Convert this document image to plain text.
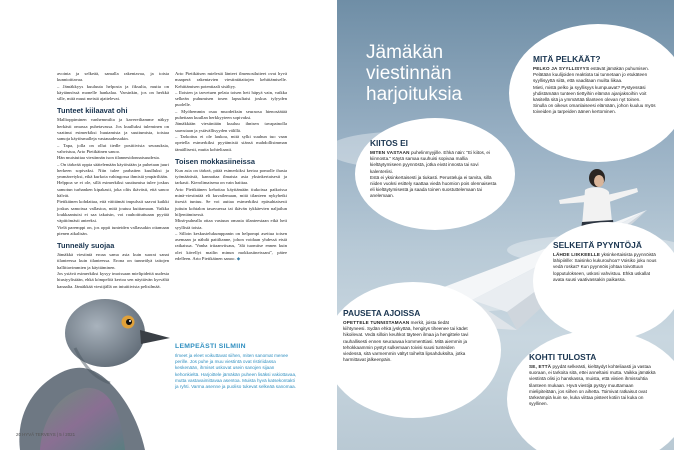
avointa ja selkeää, samalla rakentavaa, ja toista kunnioittavaa.

– Jämäkkyys kuuluuta helposta ja fiksulta, mutta on käytännössä monelle hankalaa. Varsinkin, jos on herkkä sille, mitä muut meistä ajattelevat.

Tunteet kiilaavat ohi

Mallioppiminen vanhemmilta ja kavereiltamme näkyy herkästi omassa puhetavassa. Jos kuulluksi tuleminen on vaatinut esimerkiksi huutamista ja suuttumista, toistaa samoja käytösmalleja vastauudessakin.

– Tapa, jolla on ollut tiedle positiivisia seurauksia, vahvistuu, Arto Pietikäinen sanoo.

Hän muistuttaa viestinnän ison tilannesidonnaisuudesta.

– On tärkeää oppia säätelemään käytöstään ja puhetaan juuri herkeen sopivaksi. Niin tulee parhaiten kuulluksi ja ymmärretyksi, eikä kurkota vahingossa ihmisiä ympäriltään.

Helppoa se ei ole, sillä esimerkiksi suuttumisa tulee joskus samotun turhanken kipakasti, joka oliis ikävästi, että sanoo hälvät.

Pietikäinen kohdattaa, että väittämät impulssit saavat kaikki joskus samoissa vallastoa, mitä joutuu kuittamaan. Vaikka loukkaantuisi ei saa takaisin, voi rauhoittuttuaan pyytää väpittömästi anteeksi.

Vielä paremppi on, jos oppii tunteiden vallassakin ottamaan pienen aikalisän.

Tunneäly suojaa

Jämäkkä viestintä eroaa sama asia kuin suorat sanat tilanteessa kuin tilanteessa. Erona on tunneälyä taitojen hallittavimmien ja käyttäminen.

Jos ystävä esimerkiksi kysyy imoissaan mielipidettä uudesta hiustyylistään, ehkä kömpelöä kertoa sen näyttävän kyrvältä kanaalta. Jämäkkää viestijällä on intuitiivista pelisilmää.

Arto Pietikäisen mielestä länteet ilmenostlutteet ovat hyvä maaperä rakentavien viestintätaitojen kehittämiselle. Kehittämisen potentiaali sisältyy.

– Iloisten ja tarvetuen pelata toisen heti häpyä vain, vaikka selkeän puhumisen tosen lapsultaisi joskus tylyyden puolelle.

– Myöhemmin osaa muodeiksin seuraosa hienosäätää puhettaan kuullan herkkyyteen sopivaksi.

Jämäkkään viestintään kuuluu ihnisen tavapainolla saavutaan ja ystävällisyyden välillä.

– Tarkoitus ei ole laukoa, mitä sylki suuhun tuo vaan opetella esimerkiksi pyytämistä siänsä mahdollisimman tämällisesti, mutta kohteliaasti.

Toisen mokkasiineissa

Kun asia on tärkeä, pitää esimerkiksi kertoa pomolle ihasta työmäärästä, kannattaa ilmaista asia yksinkertaisesti ja tarkasti. Kierolimaisena on vain haittaa.

Arto Pietikäinen kehottaa käyttämään tiukoissa paikoissa minä-viestintää eli kuvailemaan, mitä tilanteen nykyhetki itsestä tuntuu. Se voi auttaa esimerkiksi epäsuhtaisesti juttuin kohtalon tasavuessa tai ikävän tykkäevien naljailun hiljentämisessä.

Minä-puhealla ottaa vastuun omasta tilanteestaan eikä heti syyllistä toista.

– Silloin keskustelukumppanin on helpompi asettua toisen asemaan ja nähdä pattiltanne, johon voidaan yhdessä etsiä ratkaisua. 'Vanha irtiaanviisaus, ''älä tuomitse ennen kuin olet kävellyt mailin minun mokkasiineissani'', pätee edelleen. Arto Pietikäinen sanoo. ◆

LEMPEÄSTI SILMIIN

Ilmeet ja eleet voikuttavat siihen, miten sanomat menee perille. Jos puhe ja muu viestintä ovat ristiriidassa keskenään, ihmiset uskovat usein sanojen sijaan kehonkieltä. Harjoittele jämäkän puheen lisäksi vakiottavaa, mutta vastavaimittavaa asentoa. Muista hyvä katsekontakti ja ryhti. Varma asenne ja puoliso tukevat selkeää sanomaa.

20 HYVÄ TERVEYS | 5 / 2021
Jämäkän viestinnän harjoituksia
MITÄ PELKÄÄT?

PELKO JA SYYLLISYYS estävät jämäkän puhumisen. Pelätään kuulijoiden reaktiota tai tunnetaan jo etukäteen syyllisyyttä siitä, että vaaditaan muilta liikaa.

Mieti, mistä pelko ja syyllisyys kumpuavat? Pystyessäsi yhdistämään tunteen tiettyihin elämän ajanjaksoihin voit käsitellä sitä ja ymmärtää tilanteen olevan nyt toinen.

Sinulla on oikeus omanlaiseesi elämään, johon kuuluu myös toiveiden ja tarpeiden äänen kertominen.

KIITOS EI

MITEN VASTAAN puhelinmyyjille. Ehkä näin: "Ei kiitos, ei kiinnosta." Käytä samaa suuhuisi sopivaa mallia kieltäytymiseen pyynnöstä, jotka eivät innosta tai sovi kalenteriisi.

Estä ei yksinkertaisesti ja tiukasti. Perusteluja ei tarvita, sillä niiden vuoksi esittely saattaa viedä huomion pois olennaisesta eli kieltäytymisestä ja saada toinen suostuttelemaan tai anelemaan.

SELKEITÄ PYYNTÖJÄ

LÄHDE LIIKKEELLE yksinkertaisista pyynnöistä lähipiirille: Saisinko kukurouhoa? Voisiko joku nous vedä roskat? Kun pyynnöis johtaa toivottuun lopputulokseen, uskosi vahvistuu. Ehkä uskallat avata suusi vaativassakin paikassa.

PAUSETA AJOISSA

OPETTELE TUNNISTAMAAN merkit, joista tiedät kiihtyneesi. Sydän ehkä jyskyttää, hengitys tiheenee tai kädet hikoilevat. Vedä silloin keuhkot täyteen ilmaa ja hengittele tavi rauhallisesti ennen seuraavaa kommenttiasi. Mitä aiemmin ja tehokkaammin pystyt sulkemaan toivisi suusi tunteiden viedessä, sitä varmemmin vältyt toiheltä lipsahduksilta, jotka harmittavat jälkeenpäin.	KOHTI TULOSTA

SE, ETTÄ pyydät selkeästi, kieltäydyt kohteliaasti ja vastaa suoraan, ei tarkoita sitä, ettei anneltaisi mutta. Vaikka jämäkkä viestintä olisi jo hanskassa, muista, että viisien ihmissuhtia tilanteen mukaan. Hyvä viestijä pystyy muuttamaan mielipiteitään, jos siihen on aihetta. Toimivat ratkaisut ovat tärkeämpiä kuin se, kuka viittaa pisteet kotiin tai kuka on syyllinen.

5 / 2021 | HYVÄ TERVEYS 21
